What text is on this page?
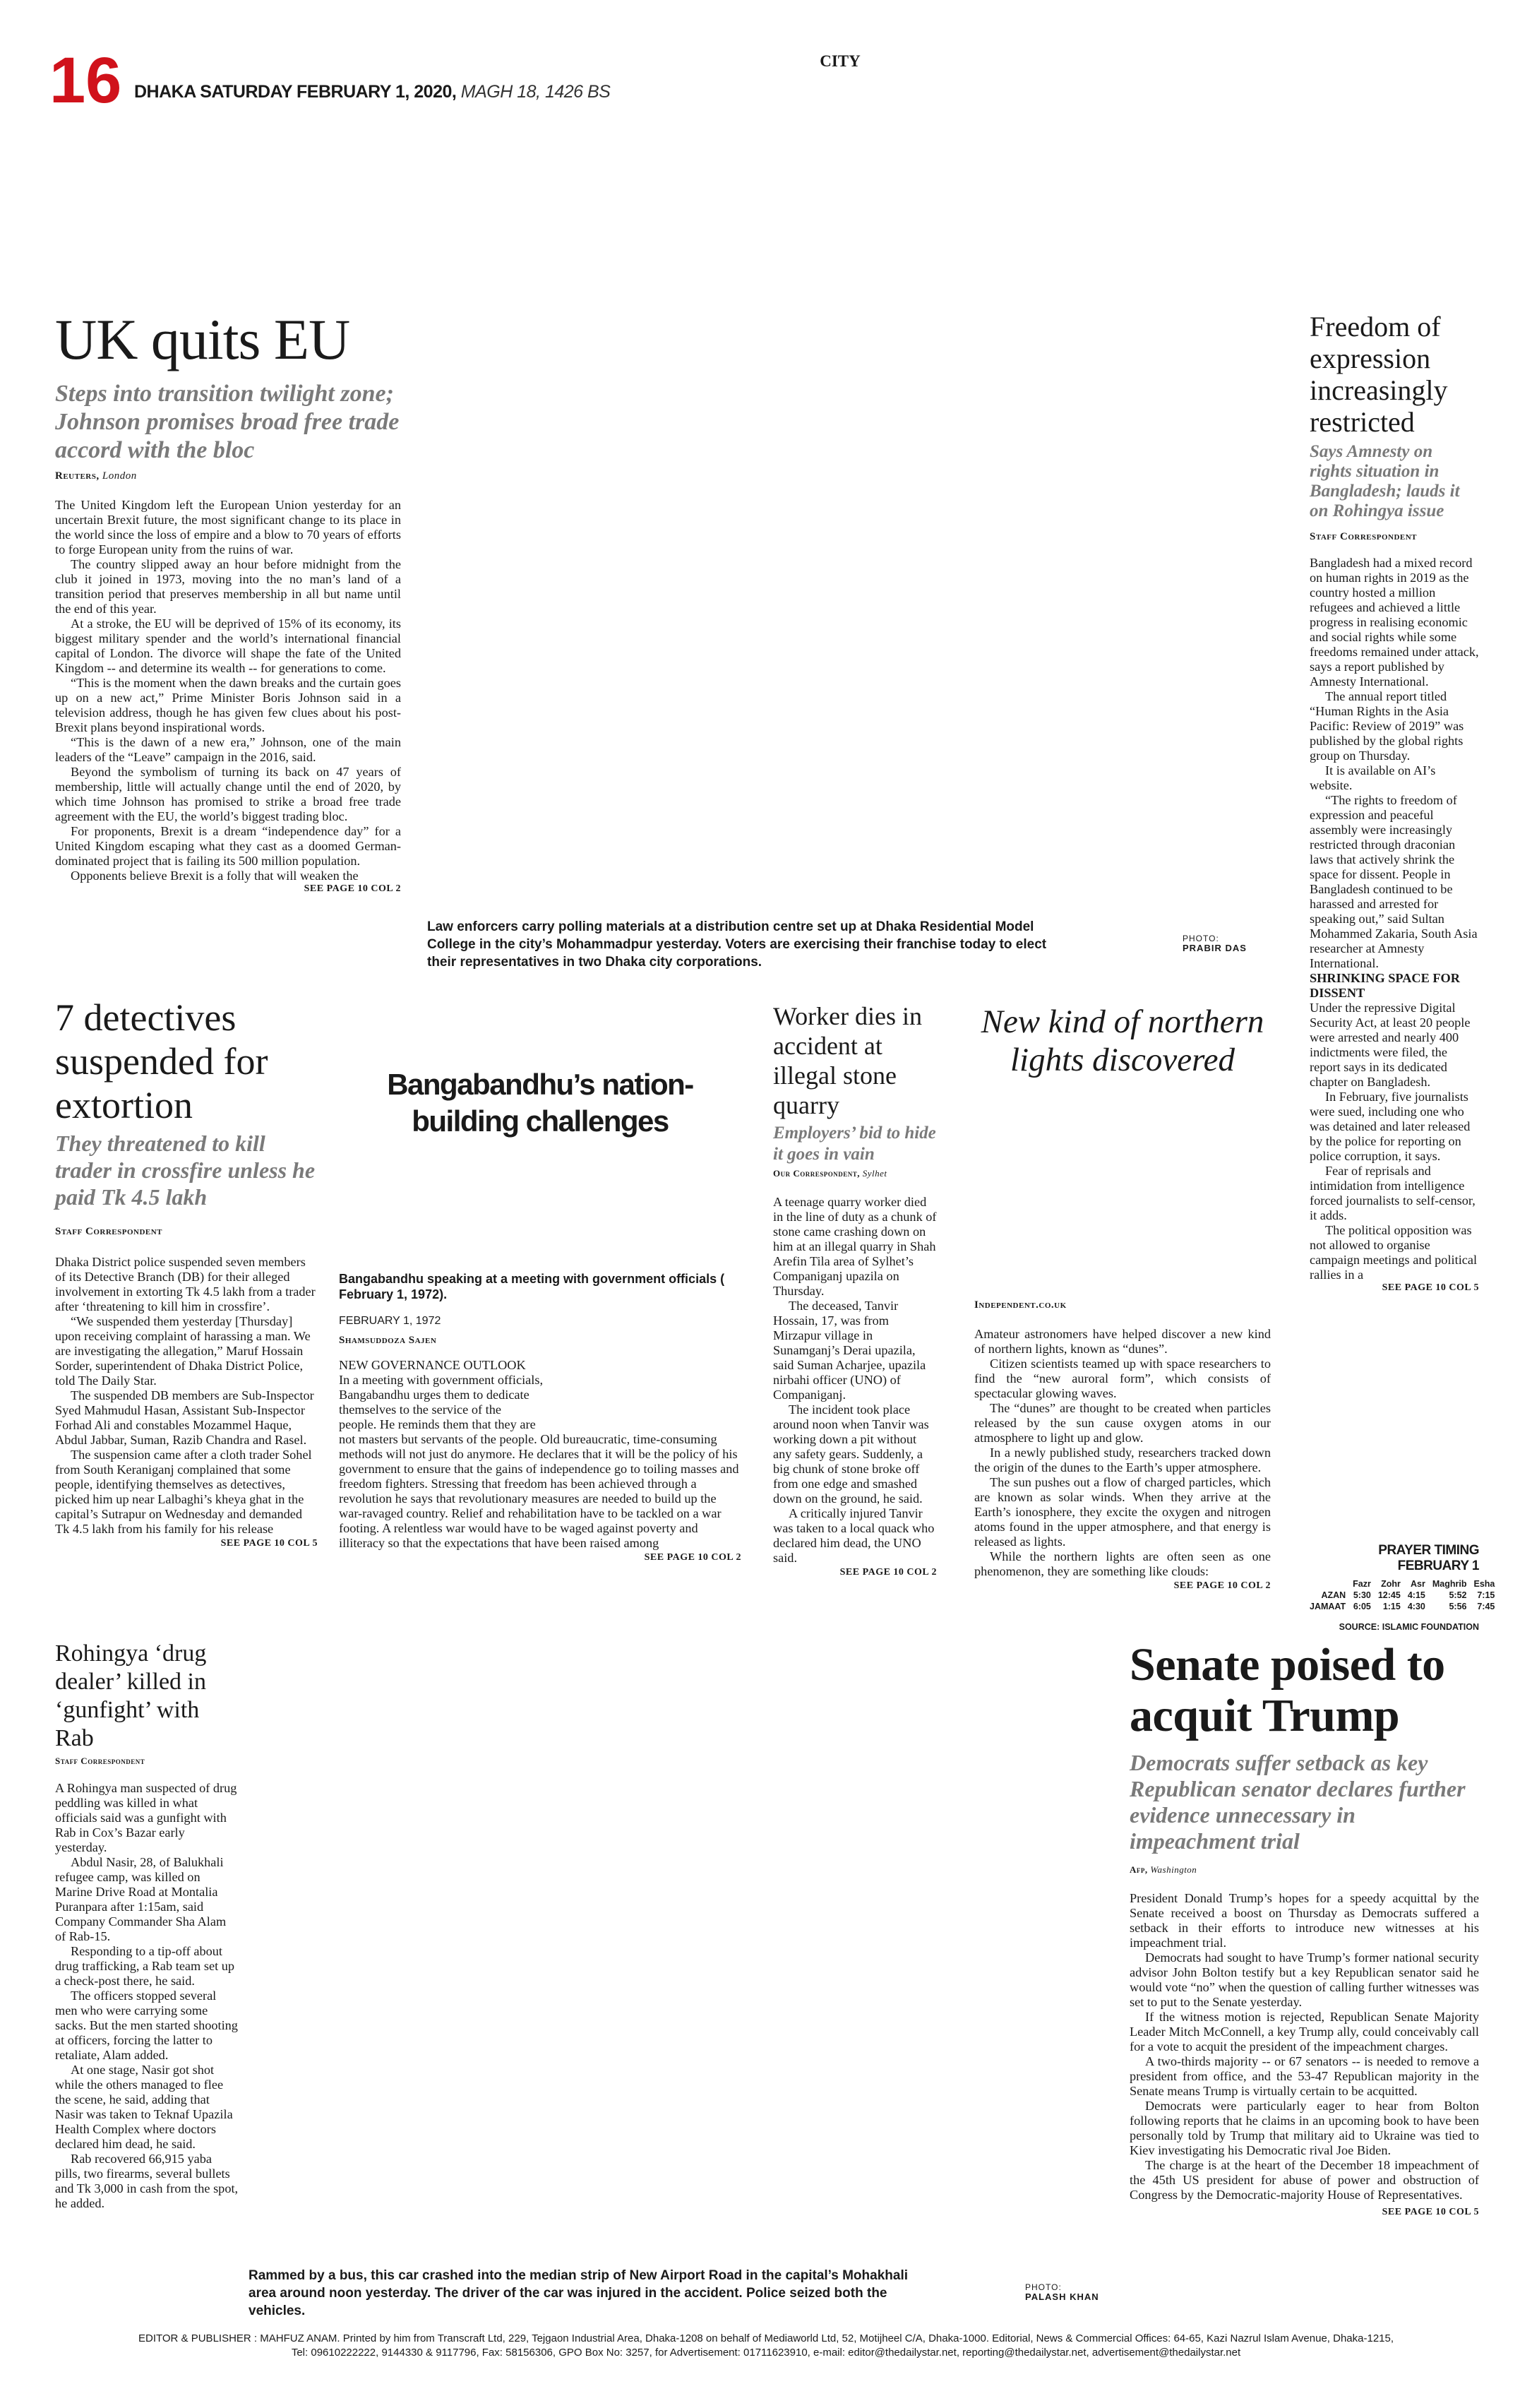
16 DHAKA SATURDAY FEBRUARY 1, 2020, MAGH 18, 1426 BS
CITY
UK quits EU
Steps into transition twilight zone; Johnson promises broad free trade accord with the bloc
Reuters, London

The United Kingdom left the European Union yesterday for an uncertain Brexit future, the most significant change to its place in the world since the loss of empire and a blow to 70 years of efforts to forge European unity from the ruins of war.

The country slipped away an hour before midnight from the club it joined in 1973, moving into the no man’s land of a transition period that preserves membership in all but name until the end of this year.

At a stroke, the EU will be deprived of 15% of its economy, its biggest military spender and the world’s international financial capital of London. The divorce will shape the fate of the United Kingdom -- and determine its wealth -- for generations to come.

“This is the moment when the dawn breaks and the curtain goes up on a new act,” Prime Minister Boris Johnson said in a television address, though he has given few clues about his post-Brexit plans beyond inspirational words.

“This is the dawn of a new era,” Johnson, one of the main leaders of the “Leave” campaign in the 2016, said.

Beyond the symbolism of turning its back on 47 years of membership, little will actually change until the end of 2020, by which time Johnson has promised to strike a broad free trade agreement with the EU, the world’s biggest trading bloc.

For proponents, Brexit is a dream “independence day” for a United Kingdom escaping what they cast as a doomed German-dominated project that is failing its 500 million population.

Opponents believe Brexit is a folly that will weaken the

SEE PAGE 10 COL 2
Law enforcers carry polling materials at a distribution centre set up at Dhaka Residential Model College in the city’s Mohammadpur yesterday. Voters are exercising their franchise today to elect their representatives in two Dhaka city corporations.
PHOTO:
PRABIR DAS
Freedom of expression increasingly restricted
Says Amnesty on rights situation in Bangladesh; lauds it on Rohingya issue
Staff Correspondent

Bangladesh had a mixed record on human rights in 2019 as the country hosted a million refugees and achieved a little progress in realising economic and social rights while some freedoms remained under attack, says a report published by Amnesty International.

The annual report titled “Human Rights in the Asia Pacific: Review of 2019” was published by the global rights group on Thursday.

It is available on AI’s website.

“The rights to freedom of expression and peaceful assembly were increasingly restricted through draconian laws that actively shrink the space for dissent. People in Bangladesh continued to be harassed and arrested for speaking out,” said Sultan Mohammed Zakaria, South Asia researcher at Amnesty International.

SHRINKING SPACE FOR DISSENT

Under the repressive Digital Security Act, at least 20 people were arrested and nearly 400 indictments were filed, the report says in its dedicated chapter on Bangladesh.

In February, five journalists were sued, including one who was detained and later released by the police for reporting on police corruption, it says.

Fear of reprisals and intimidation from intelligence forced journalists to self-censor, it adds.

The political opposition was not allowed to organise campaign meetings and political rallies in a

SEE PAGE 10 COL 5
7 detectives suspended for extortion
They threatened to kill trader in crossfire unless he paid Tk 4.5 lakh
Staff Correspondent

Dhaka District police suspended seven members of its Detective Branch (DB) for their alleged involvement in extorting Tk 4.5 lakh from a trader after ‘threatening to kill him in crossfire’.

“We suspended them yesterday [Thursday] upon receiving complaint of harassing a man. We are investigating the allegation,” Maruf Hossain Sorder, superintendent of Dhaka District Police, told The Daily Star.

The suspended DB members are Sub-Inspector Syed Mahmudul Hasan, Assistant Sub-Inspector Forhad Ali and constables Mozammel Haque, Abdul Jabbar, Suman, Razib Chandra and Rasel.

The suspension came after a cloth trader Sohel from South Keraniganj complained that some people, identifying themselves as detectives, picked him up near Lalbaghi’s kheya ghat in the capital’s Sutrapur on Wednesday and demanded Tk 4.5 lakh from his family for his release

SEE PAGE 10 COL 5
Bangabandhu’s nation-building challenges
Bangabandhu speaking at a meeting with government officials ( February 1, 1972).
FEBRUARY 1, 1972
Shamsuddoza Sajen
NEW GOVERNANCE OUTLOOK
In a meeting with government officials,
Bangabandhu urges them to dedicate
themselves to the service of the
people. He reminds them that they are

not masters but servants of the people. Old bureaucratic, time-consuming methods will not just do anymore. He declares that it will be the policy of his government to ensure that the gains of independence go to toiling masses and freedom fighters. Stressing that freedom has been achieved through a revolution he says that revolutionary measures are needed to build up the war-ravaged country. Relief and rehabilitation have to be tackled on a war footing. A relentless war would have to be waged against poverty and illiteracy so that the expectations that have been raised among

SEE PAGE 10 COL 2
Worker dies in accident at illegal stone quarry
Employers’ bid to hide it goes in vain
Our Correspondent, Sylhet

A teenage quarry worker died in the line of duty as a chunk of stone came crashing down on him at an illegal quarry in Shah Arefin Tila area of Sylhet’s Companiganj upazila on Thursday.

The deceased, Tanvir Hossain, 17, was from Mirzapur village in Sunamganj’s Derai upazila, said Suman Acharjee, upazila nirbahi officer (UNO) of Companiganj.

The incident took place around noon when Tanvir was working down a pit without any safety gears. Suddenly, a big chunk of stone broke off from one edge and smashed down on the ground, he said.

A critically injured Tanvir was taken to a local quack who declared him dead, the UNO said.

SEE PAGE 10 COL 2
New kind of northern lights discovered
Independent.co.uk

Amateur astronomers have helped discover a new kind of northern lights, known as “dunes”.

Citizen scientists teamed up with space researchers to find the “new auroral form”, which consists of spectacular glowing waves.

The “dunes” are thought to be created when particles released by the sun cause oxygen atoms in our atmosphere to light up and glow.

In a newly published study, researchers tracked down the origin of the dunes to the Earth’s upper atmosphere.

The sun pushes out a flow of charged particles, which are known as solar winds. When they arrive at the Earth’s ionosphere, they excite the oxygen and nitrogen atoms found in the upper atmosphere, and that energy is released as lights.

While the northern lights are often seen as one phenomenon, they are something like clouds:

SEE PAGE 10 COL 2
PRAYER TIMING FEBRUARY 1
	Fazr	Zohr	Asr	Maghrib	Esha
AZAN	5:30	12:45	4:15	5:52	7:15
JAMAAT	6:05	1:15	4:30	5:56	7:45
SOURCE: ISLAMIC FOUNDATION
Rohingya ‘drug dealer’ killed in ‘gunfight’ with Rab
Staff Correspondent

A Rohingya man suspected of drug peddling was killed in what officials said was a gunfight with Rab in Cox’s Bazar early yesterday.

Abdul Nasir, 28, of Balukhali refugee camp, was killed on Marine Drive Road at Montalia Puranpara after 1:15am, said Company Commander Sha Alam of Rab-15.

Responding to a tip-off about drug trafficking, a Rab team set up a check-post there, he said.

The officers stopped several men who were carrying some sacks. But the men started shooting at officers, forcing the latter to retaliate, Alam added.

At one stage, Nasir got shot while the others managed to flee the scene, he said, adding that Nasir was taken to Teknaf Upazila Health Complex where doctors declared him dead, he said.

Rab recovered 66,915 yaba pills, two firearms, several bullets and Tk 3,000 in cash from the spot, he added.

Senate poised to acquit Trump
Democrats suffer setback as key Republican senator declares further evidence unnecessary in impeachment trial
Afp, Washington

President Donald Trump’s hopes for a speedy acquittal by the Senate received a boost on Thursday as Democrats suffered a setback in their efforts to introduce new witnesses at his impeachment trial.

Democrats had sought to have Trump’s former national security advisor John Bolton testify but a key Republican senator said he would vote “no” when the question of calling further witnesses was set to put to the Senate yesterday.

If the witness motion is rejected, Republican Senate Majority Leader Mitch McConnell, a key Trump ally, could conceivably call for a vote to acquit the president of the impeachment charges.

A two-thirds majority -- or 67 senators -- is needed to remove a president from office, and the 53-47 Republican majority in the Senate means Trump is virtually certain to be acquitted.

Democrats were particularly eager to hear from Bolton following reports that he claims in an upcoming book to have been personally told by Trump that military aid to Ukraine was tied to Kiev investigating his Democratic rival Joe Biden.

The charge is at the heart of the December 18 impeachment of the 45th US president for abuse of power and obstruction of Congress by the Democratic-majority House of Representatives.

SEE PAGE 10 COL 5
Rammed by a bus, this car crashed into the median strip of New Airport Road in the capital’s Mohakhali area around noon yesterday. The driver of the car was injured in the accident. Police seized both the vehicles.
PHOTO:
PALASH KHAN
EDITOR & PUBLISHER : MAHFUZ ANAM. Printed by him from Transcraft Ltd, 229, Tejgaon Industrial Area, Dhaka-1208 on behalf of Mediaworld Ltd, 52, Motijheel C/A, Dhaka-1000. Editorial, News & Commercial Offices: 64-65, Kazi Nazrul Islam Avenue, Dhaka-1215,
Tel: 09610222222, 9144330 & 9117796, Fax: 58156306, GPO Box No: 3257, for Advertisement: 01711623910, e-mail: editor@thedailystar.net, reporting@thedailystar.net, advertisement@thedailystar.net
